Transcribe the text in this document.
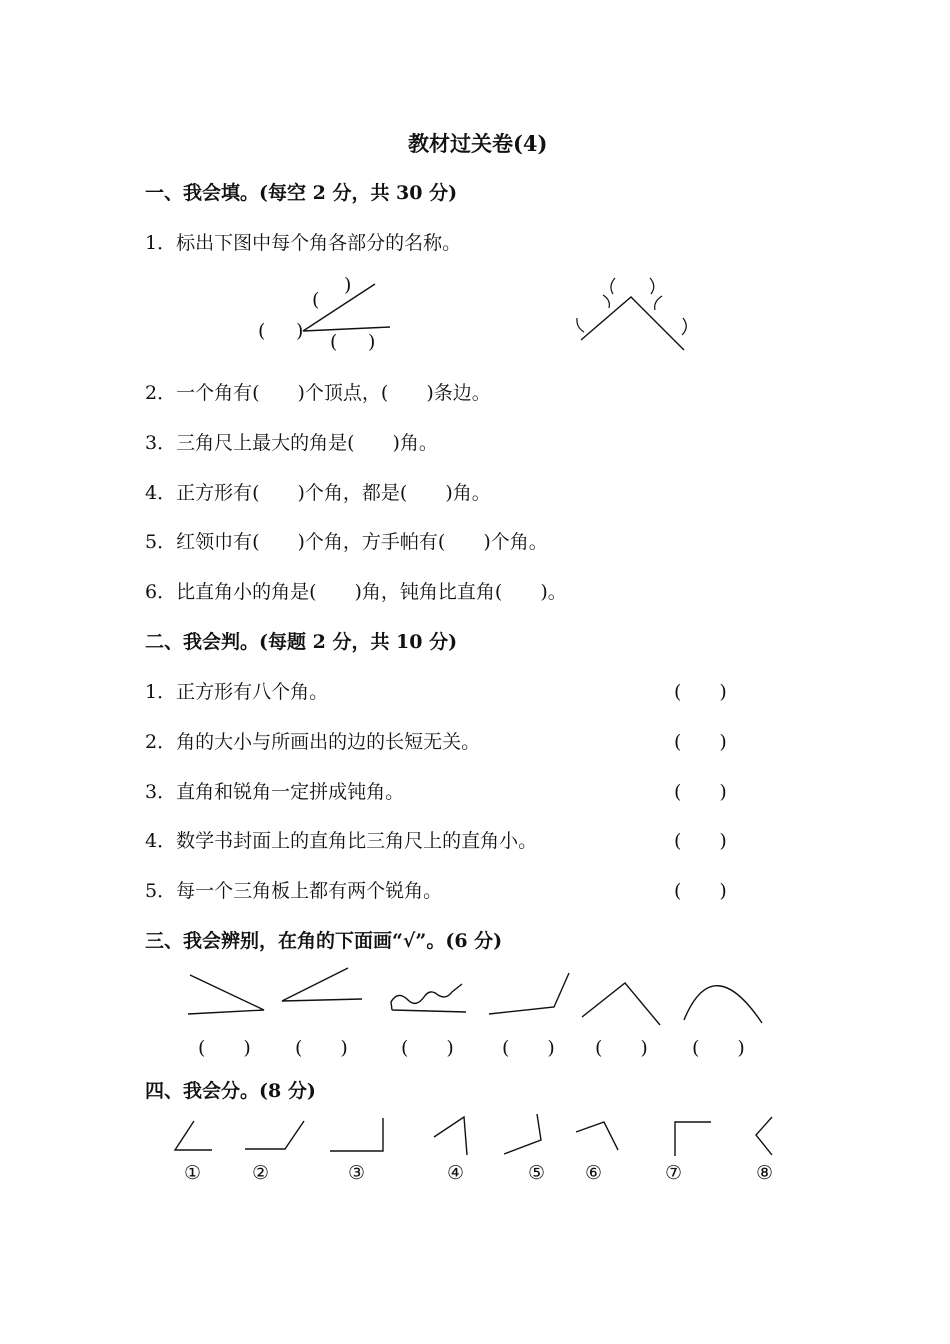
教材过关卷(4)
一、我会填。(每空 2 分，共 30 分)
1．标出下图中每个角各部分的名称。
( ) ( )
(
)
2．一个角有(　　)个顶点，(　　)条边。
3．三角尺上最大的角是(　　)角。
4．正方形有(　　)个角，都是(　　)角。
5．红领巾有(　　)个角，方手帕有(　　)个角。
6．比直角小的角是(　　)角，钝角比直角(　　)。
二、我会判。(每题 2 分，共 10 分)
1．正方形有八个角。	(　　)
2．角的大小与所画出的边的长短无关。	(　　)
3．直角和锐角一定拼成钝角。	(　　)
4．数学书封面上的直角比三角尺上的直角小。	(　　)
5．每一个三角板上都有两个锐角。	(　　)
三、我会辨别，在角的下面画“√”。(6 分)
(　　) (　　)	(　　)	(　　) (　　) (　　)
四、我会分。(8 分)
①	②	③	④	⑤ ⑥	⑦	⑧
